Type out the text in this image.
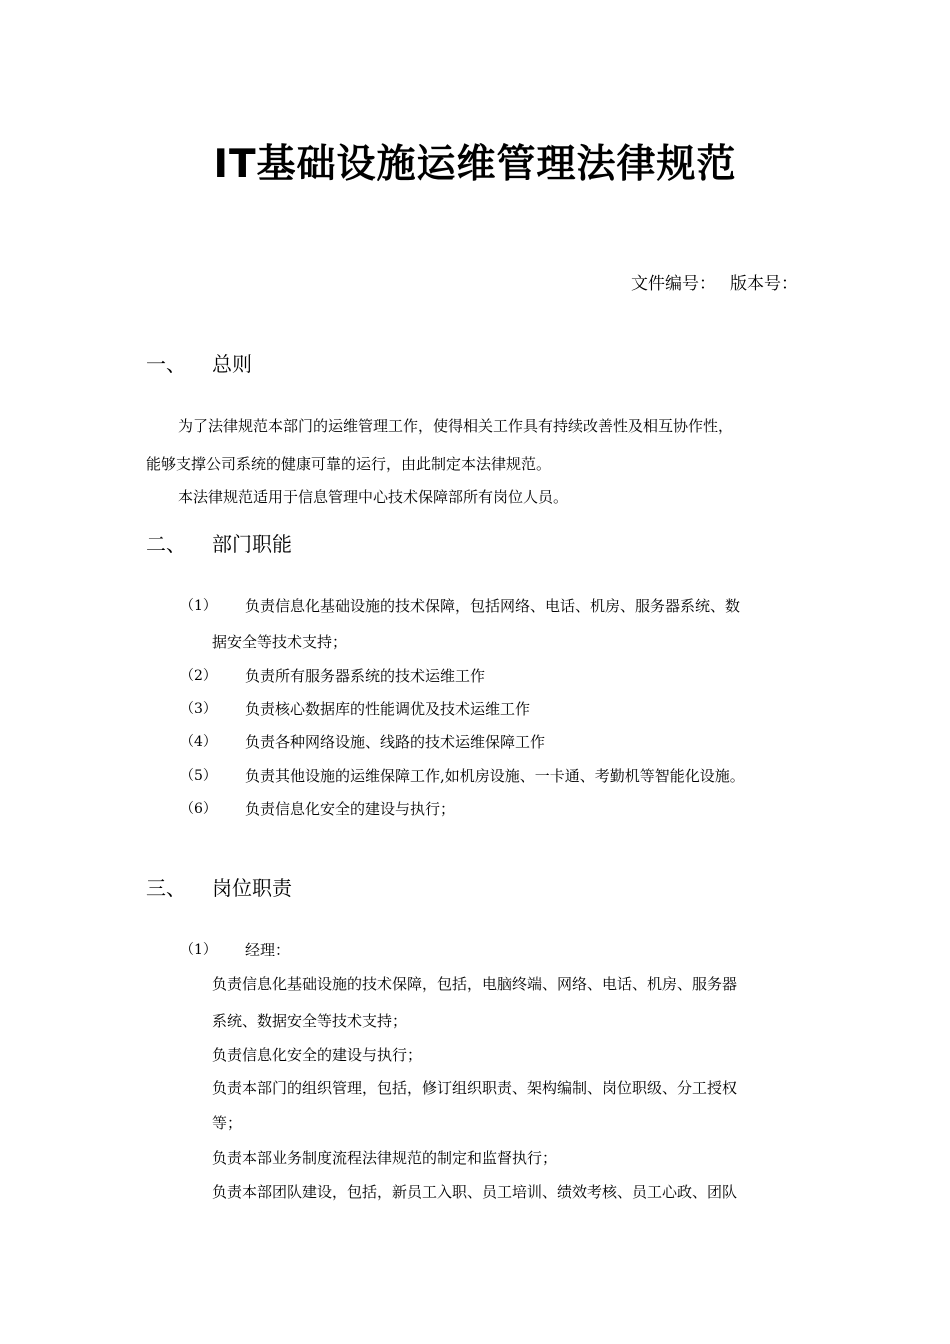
IT基础设施运维管理法律规范
文件编号： 版本号：
一、 总则
为了法律规范本部门的运维管理工作，使得相关工作具有持续改善性及相互协作性，
能够支撑公司系统的健康可靠的运行，由此制定本法律规范。
本法律规范适用于信息管理中心技术保障部所有岗位人员。
二、 部门职能
（1） 负责信息化基础设施的技术保障，包括网络、电话、机房、服务器系统、数
据安全等技术支持；
（2） 负责所有服务器系统的技术运维工作
（3） 负责核心数据库的性能调优及技术运维工作
（4） 负责各种网络设施、线路的技术运维保障工作
（5） 负责其他设施的运维保障工作,如机房设施、一卡通、考勤机等智能化设施。
（6） 负责信息化安全的建设与执行；
三、 岗位职责
（1） 经理：
负责信息化基础设施的技术保障，包括，电脑终端、网络、电话、机房、服务器
系统、数据安全等技术支持；
负责信息化安全的建设与执行；
负责本部门的组织管理，包括，修订组织职责、架构编制、岗位职级、分工授权
等；
负责本部业务制度流程法律规范的制定和监督执行；
负责本部团队建设，包括，新员工入职、员工培训、绩效考核、员工心政、团队
